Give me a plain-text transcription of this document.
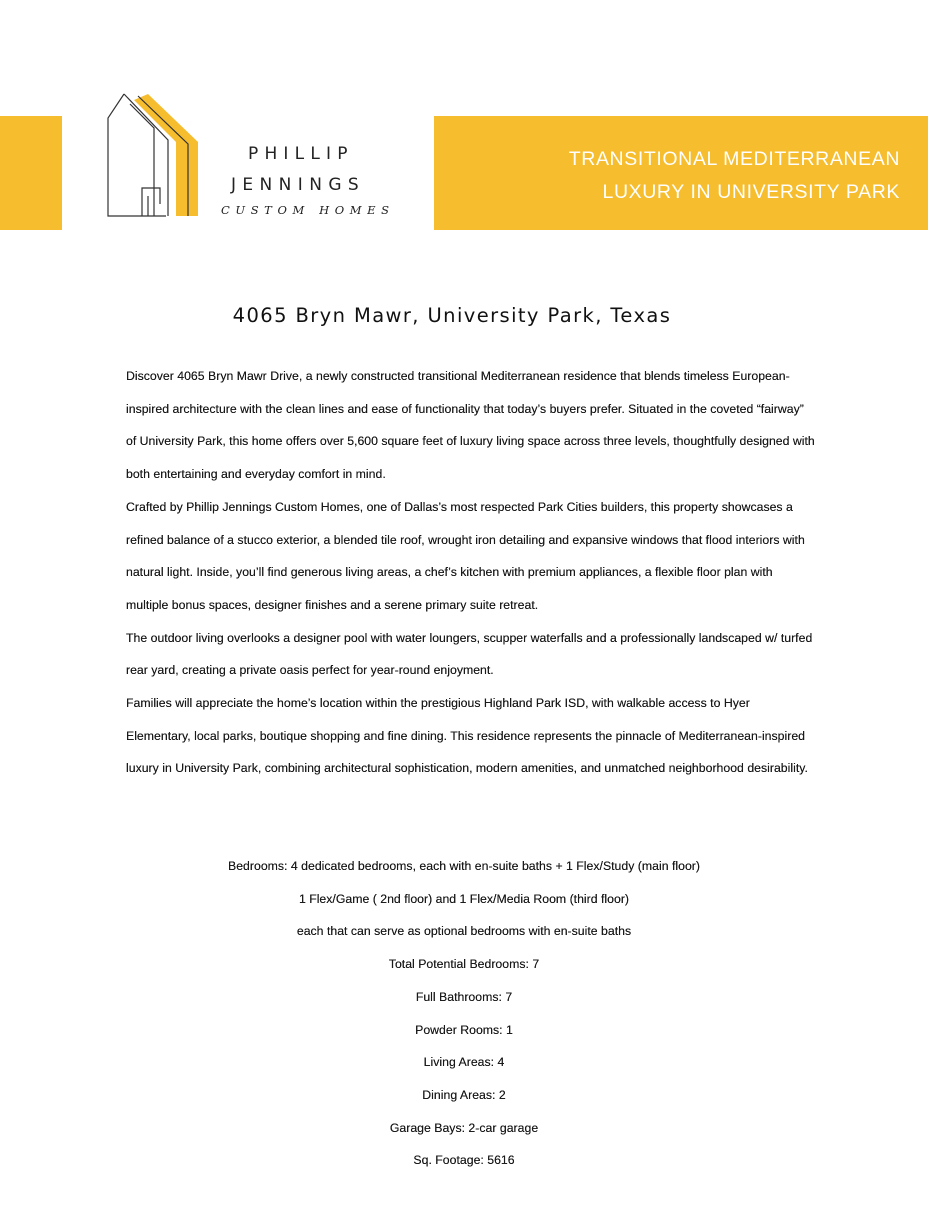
PHILLIP
JENNINGS
CUSTOM HOMES
TRANSITIONAL MEDITERRANEAN
LUXURY IN UNIVERSITY PARK
4065 Bryn Mawr, University Park, Texas

Discover 4065 Bryn Mawr Drive, a newly constructed transitional Mediterranean residence that blends timeless European-inspired architecture with the clean lines and ease of functionality that today’s buyers prefer. Situated in the coveted “fairway” of University Park, this home offers over 5,600 square feet of luxury living space across three levels, thoughtfully designed with both entertaining and everyday comfort in mind.

Crafted by Phillip Jennings Custom Homes, one of Dallas’s most respected Park Cities builders, this property showcases a refined balance of a stucco exterior, a blended tile roof, wrought iron detailing and expansive windows that flood interiors with natural light. Inside, you’ll find generous living areas, a chef’s kitchen with premium appliances, a flexible floor plan with multiple bonus spaces, designer finishes and a serene primary suite retreat.

The outdoor living overlooks a designer pool with water loungers, scupper waterfalls and a professionally landscaped w/ turfed rear yard, creating a private oasis perfect for year-round enjoyment.

Families will appreciate the home’s location within the prestigious Highland Park ISD, with walkable access to Hyer Elementary, local parks, boutique shopping and fine dining. This residence represents the pinnacle of Mediterranean-inspired luxury in University Park, combining architectural sophistication, modern amenities, and unmatched neighborhood desirability.

Bedrooms: 4 dedicated bedrooms, each with en-suite baths + 1 Flex/Study (main floor)
1 Flex/Game ( 2nd floor) and 1 Flex/Media Room (third floor)
each that can serve as optional bedrooms with en-suite baths
Total Potential Bedrooms: 7
Full Bathrooms: 7
Powder Rooms: 1
Living Areas: 4
Dining Areas: 2
Garage Bays: 2-car garage
Sq. Footage: 5616
